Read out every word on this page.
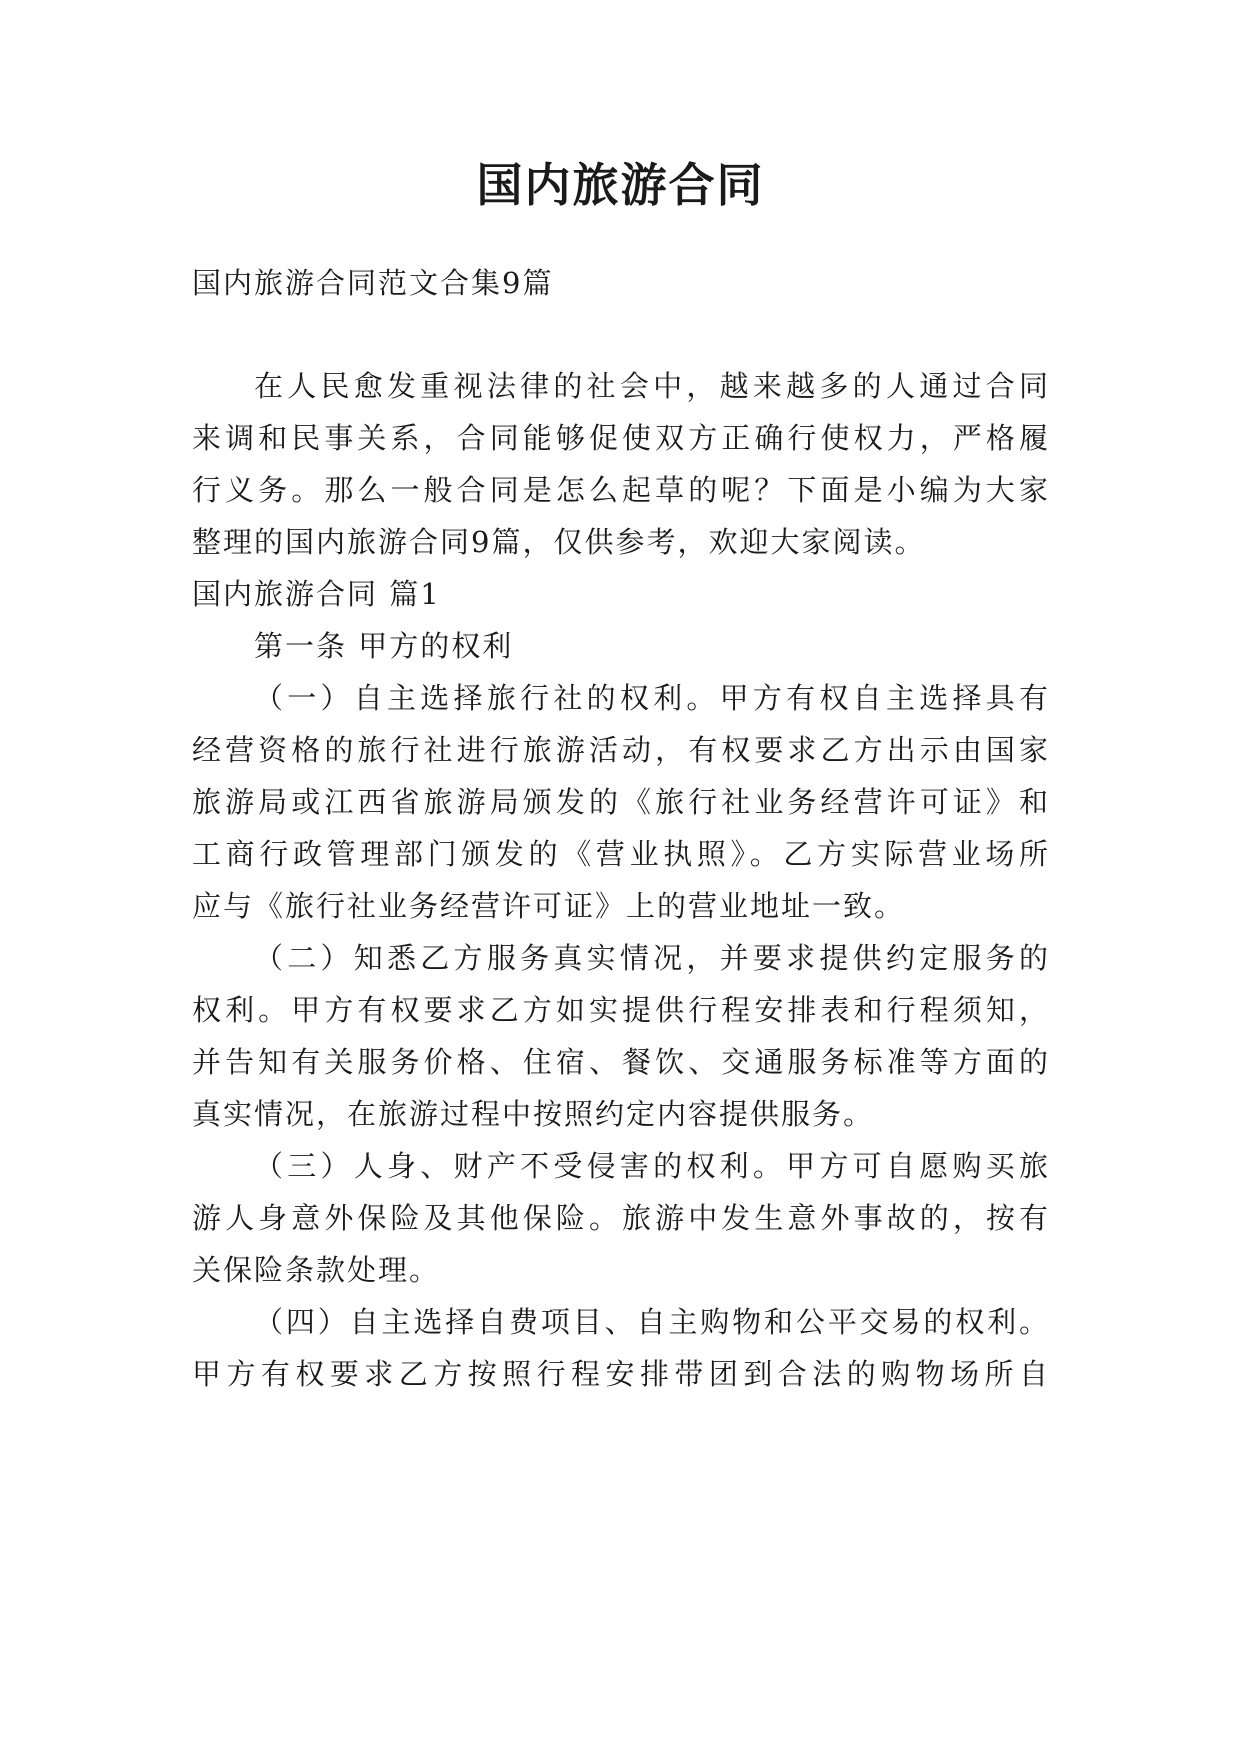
国内旅游合同
国内旅游合同范文合集9篇
在人民愈发重视法律的社会中，越来越多的人通过合同
来调和民事关系，合同能够促使双方正确行使权力，严格履
行义务。那么一般合同是怎么起草的呢？下面是小编为大家
整理的国内旅游合同9篇，仅供参考，欢迎大家阅读。
国内旅游合同 篇1
第一条 甲方的权利
（一）自主选择旅行社的权利。甲方有权自主选择具有
经营资格的旅行社进行旅游活动，有权要求乙方出示由国家
旅游局或江西省旅游局颁发的《旅行社业务经营许可证》和
工商行政管理部门颁发的《营业执照》。乙方实际营业场所
应与《旅行社业务经营许可证》上的营业地址一致。
（二）知悉乙方服务真实情况，并要求提供约定服务的
权利。甲方有权要求乙方如实提供行程安排表和行程须知，
并告知有关服务价格、住宿、餐饮、交通服务标准等方面的
真实情况，在旅游过程中按照约定内容提供服务。
（三）人身、财产不受侵害的权利。甲方可自愿购买旅
游人身意外保险及其他保险。旅游中发生意外事故的，按有
关保险条款处理。
（四）自主选择自费项目、自主购物和公平交易的权利。
甲方有权要求乙方按照行程安排带团到合法的购物场所自
